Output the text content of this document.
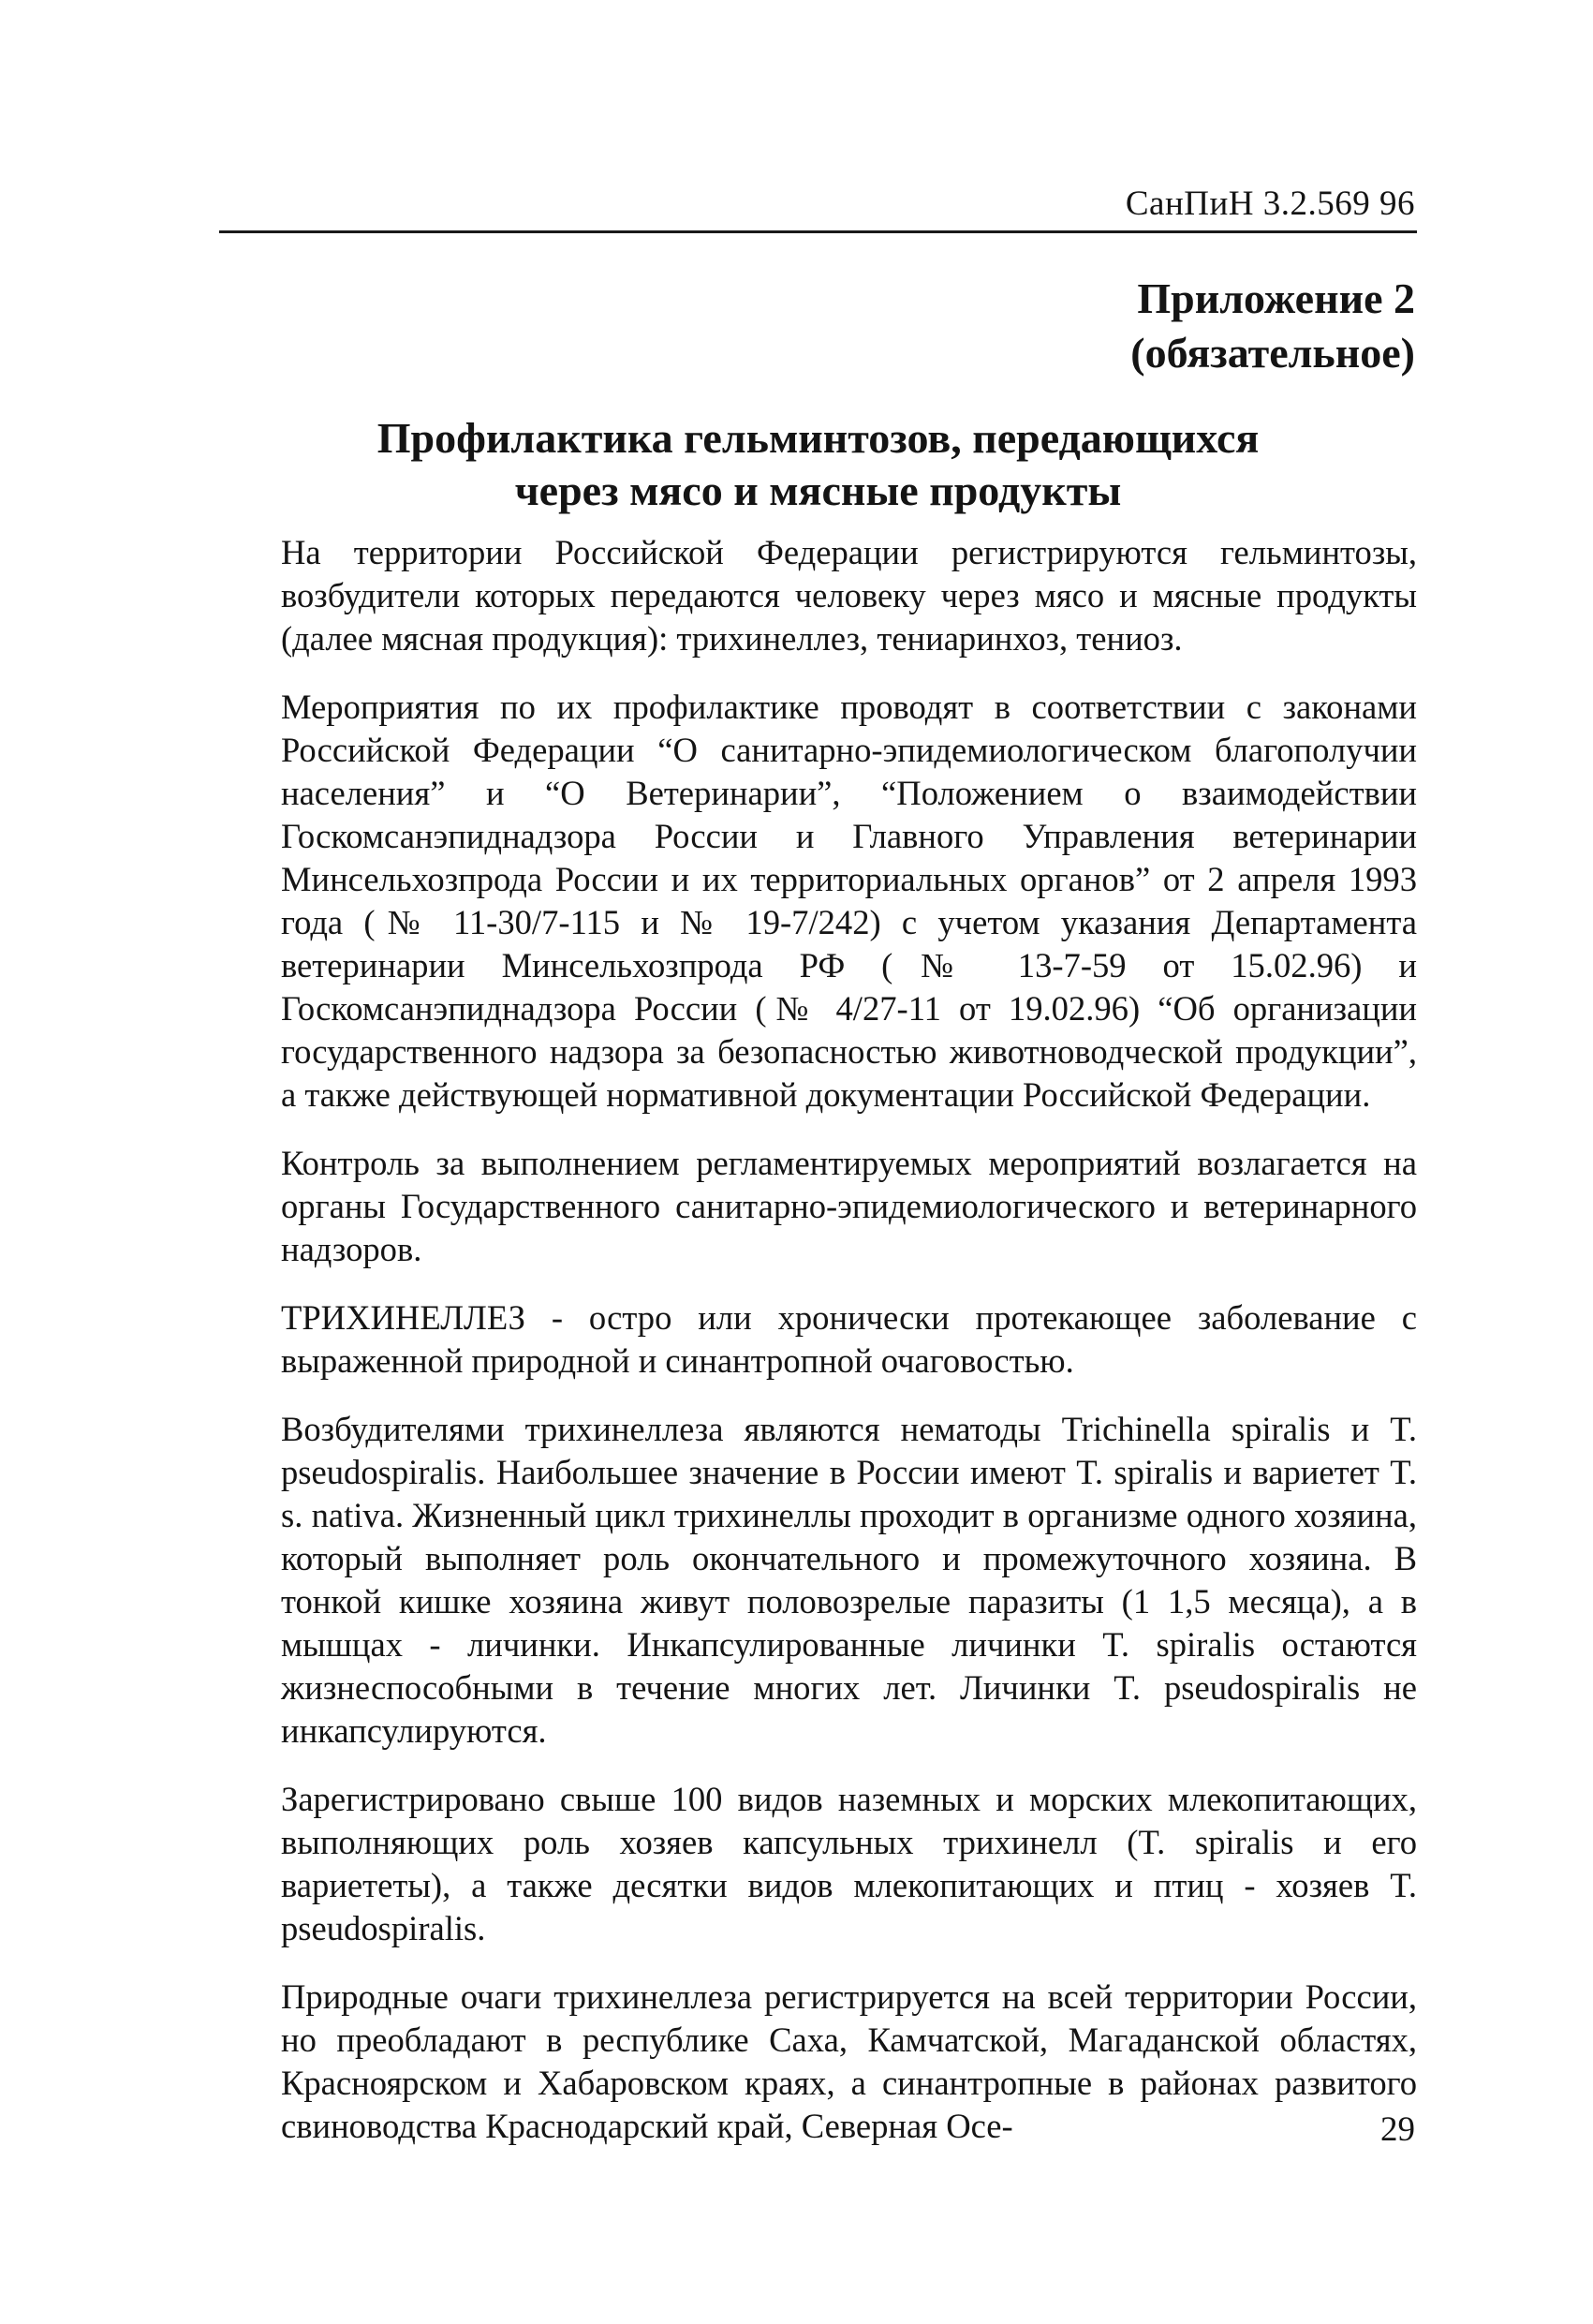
СанПиН 3.2.569 96
Приложение 2
(обязательное)
Профилактика гельминтозов, передающихся
через мясо и мясные продукты

На территории Российской Федерации регистрируются гельминтозы, возбудители которых передаются человеку через мясо и мясные продукты (далее мясная продукция): трихинеллез, тениаринхоз, тениоз.

Мероприятия по их профилактике проводят в соответствии с законами Российской Федерации “О санитарно-эпидемиологическом благополучии населения” и “О Ветеринарии”, “Положением о взаимодействии Госкомсанэпиднадзора России и Главного Управления ветеринарии Минсельхозпрода России и их территориальных органов” от 2 апреля 1993 года (№ 11-30/7-115 и № 19-7/242) с учетом указания Департамента ветеринарии Минсельхозпрода РФ (№ 13-7-59 от 15.02.96) и Госкомсанэпиднадзора России (№ 4/27-11 от 19.02.96) “Об организации государственного надзора за безопасностью животноводческой продукции”, а также действующей нормативной документации Российской Федерации.

Контроль за выполнением регламентируемых мероприятий возлагается на органы Государственного санитарно-эпидемиологического и ветеринарного надзоров.

ТРИХИНЕЛЛЕЗ - остро или хронически протекающее заболевание с выраженной природной и синантропной очаговостью.

Возбудителями трихинеллеза являются нематоды Trichinella spiralis и T. pseudospiralis. Наибольшее значение в России имеют T. spiralis и вариетет T. s. nativa. Жизненный цикл трихинеллы проходит в организме одного хозяина, который выполняет роль окончательного и промежуточного хозяина. В тонкой кишке хозяина живут половозрелые паразиты (1 1,5 месяца), а в мышцах - личинки. Инкапсулированные личинки T. spiralis остаются жизнеспособными в течение многих лет. Личинки T. pseudospiralis не инкапсулируются.

Зарегистрировано свыше 100 видов наземных и морских млекопитающих, выполняющих роль хозяев капсульных трихинелл (T. spiralis и его вариететы), а также десятки видов млекопитающих и птиц - хозяев T. pseudospiralis.

Природные очаги трихинеллеза регистрируется на всей территории России, но преобладают в республике Саха, Камчатской, Магаданской областях, Красноярском и Хабаровском краях, а синантропные в районах развитого свиноводства Краснодарский край, Северная Осе-	29
